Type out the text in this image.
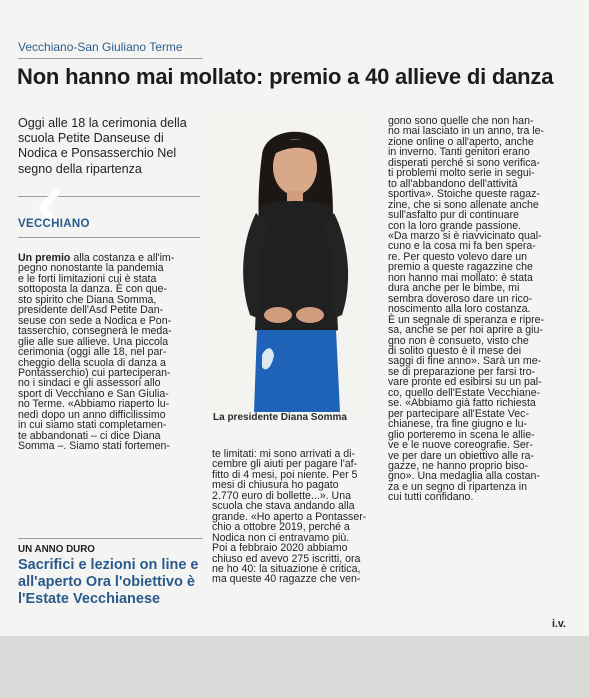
Vecchiano-San Giuliano Terme
Non hanno mai mollato: premio a 40 allieve di danza
Oggi alle 18 la cerimonia della scuola Petite Danseuse di Nodica e Ponsasserchio Nel segno della ripartenza
VECCHIANO
Un premio alla costanza e all'im-
pegno nonostante la pandemia
e le forti limitazioni cui è stata
sottoposta la danza. È con que-
sto spirito che Diana Somma,
presidente dell'Asd Petite Dan-
seuse con sede a Nodica e Pon-
tasserchio, consegnerà le meda-
glie alle sue allieve. Una piccola
cerimonia (oggi alle 18, nel par-
cheggio della scuola di danza a
Pontasserchio) cui parteciperan-
no i sindaci e gli assessori allo
sport di Vecchiano e San Giulia-
no Terme. «Abbiamo riaperto lu-
nedì dopo un anno difficilissimo
in cui siamo stati completamen-
te abbandonati – ci dice Diana
Somma –. Siamo stati fortemen-
La presidente Diana Somma
te limitati: mi sono arrivati a di-
cembre gli aiuti per pagare l'af-
fitto di 4 mesi, poi niente. Per 5
mesi di chiusura ho pagato
2.770 euro di bollette...». Una
scuola che stava andando alla
grande. «Ho aperto a Pontasser-
chio a ottobre 2019, perché a
Nodica non ci entravamo più.
Poi a febbraio 2020 abbiamo
chiuso ed avevo 275 iscritti, ora
ne ho 40: la situazione è critica,
ma queste 40 ragazze che ven-
gono sono quelle che non han-
no mai lasciato in un anno, tra le-
zione online o all'aperto, anche
in inverno. Tanti genitori erano
disperati perché si sono verifica-
ti problemi molto serie in segui-
to all'abbandono dell'attività
sportiva». Stoiche queste ragaz-
zine, che si sono allenate anche
sull'asfalto pur di continuare
con la loro grande passione.
«Da marzo si è riavvicinato qual-
cuno e la cosa mi fa ben spera-
re. Per questo volevo dare un
premio a queste ragazzine che
non hanno mai mollato: è stata
dura anche per le bimbe, mi
sembra doveroso dare un rico-
noscimento alla loro costanza.
È un segnale di speranza e ripre-
sa, anche se per noi aprire a giu-
gno non è consueto, visto che
di solito questo è il mese dei
saggi di fine anno». Sarà un me-
se di preparazione per farsi tro-
vare pronte ed esibirsi su un pal-
co, quello dell'Estate Vecchiane-
se. «Abbiamo già fatto richiesta
per partecipare all'Estate Vec-
chianese, tra fine giugno e lu-
glio porteremo in scena le allie-
ve e le nuove coreografie. Ser-
ve per dare un obiettivo alle ra-
gazze, ne hanno proprio biso-
gno». Una medaglia alla costan-
za e un segno di ripartenza in
cui tutti confidano.
i.v.
UN ANNO DURO
Sacrifici e lezioni on line e all'aperto Ora l'obiettivo è l'Estate Vecchianese
